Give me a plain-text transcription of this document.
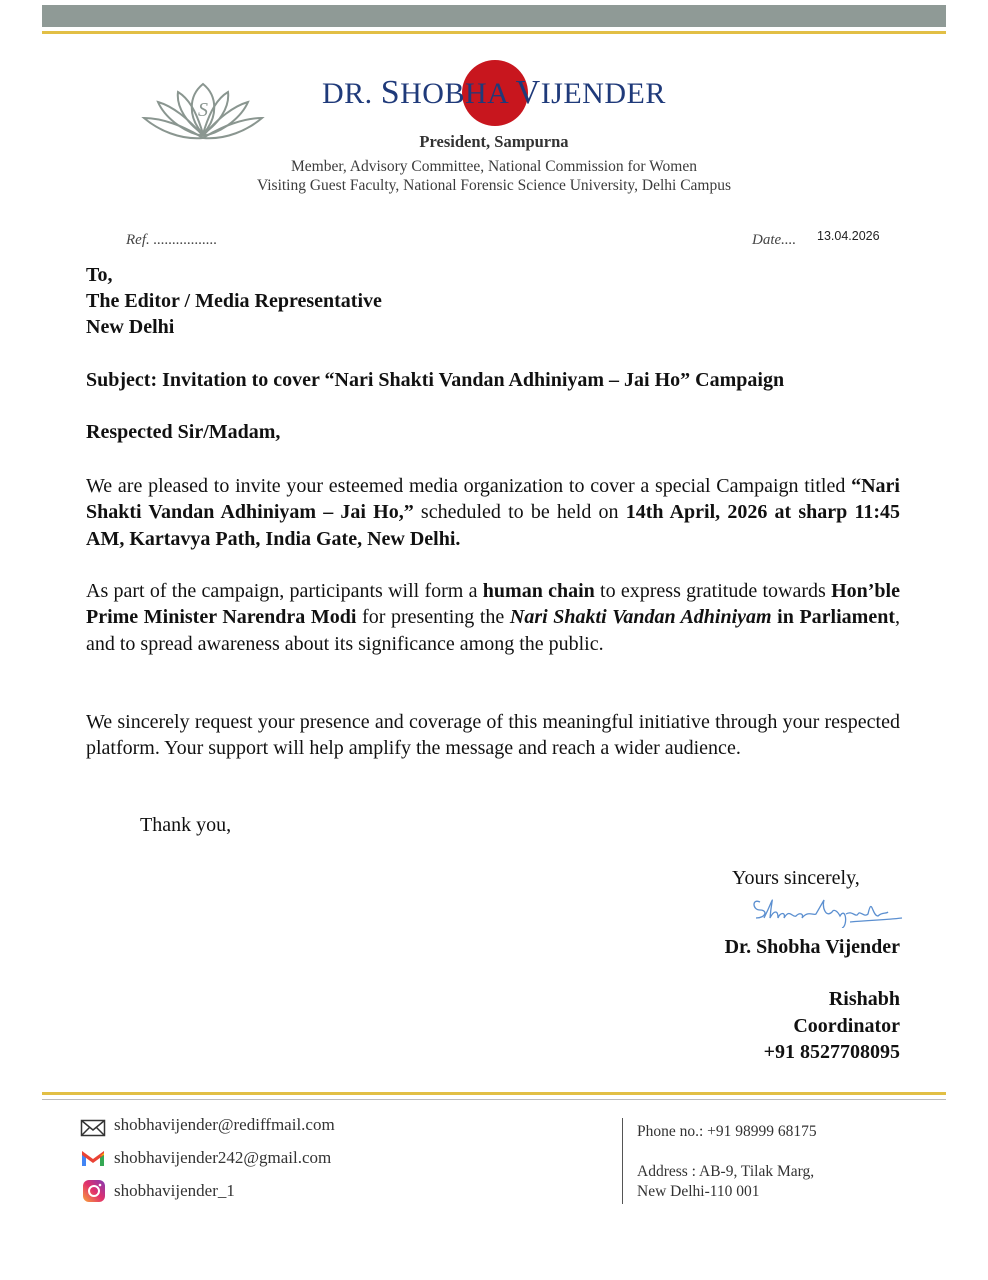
S	DR. SHOBHA VIJENDER
President, Sampurna
Member, Advisory Committee, National Commission for Women
Visiting Guest Faculty, National Forensic Science University, Delhi Campus
Ref. .................	Date.... 13.04.2026
To,
The Editor / Media Representative
New Delhi
Subject: Invitation to cover “Nari Shakti Vandan Adhiniyam – Jai Ho” Campaign
Respected Sir/Madam,
We are pleased to invite your esteemed media organization to cover a special Campaign titled “Nari Shakti Vandan Adhiniyam – Jai Ho,” scheduled to be held on 14th April, 2026 at sharp 11:45 AM, Kartavya Path, India Gate, New Delhi.
As part of the campaign, participants will form a human chain to express gratitude towards Hon’ble Prime Minister Narendra Modi for presenting the Nari Shakti Vandan Adhiniyam in Parliament, and to spread awareness about its significance among the public.
We sincerely request your presence and coverage of this meaningful initiative through your respected platform. Your support will help amplify the message and reach a wider audience.
Thank you,
Yours sincerely,
Dr. Shobha Vijender
Rishabh
Coordinator
+91 8527708095
shobhavijender@rediffmail.com
shobhavijender242@gmail.com
shobhavijender_1
Phone no.: +91 98999 68175
Address : AB-9, Tilak Marg,
New Delhi-110 001
